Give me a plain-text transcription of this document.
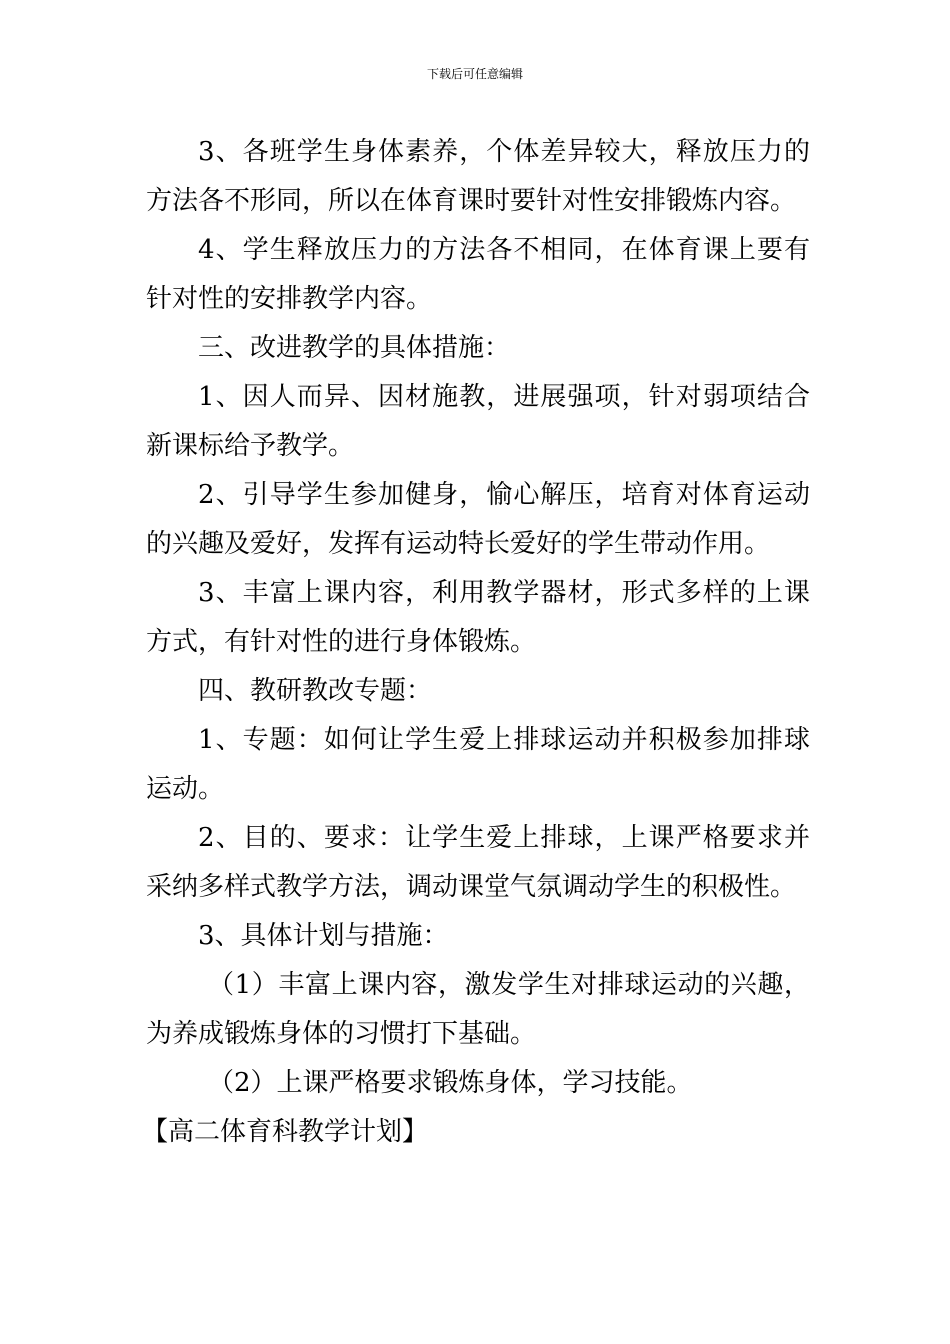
下载后可任意编辑

3、各班学生身体素养，个体差异较大，释放压力的方法各不形同，所以在体育课时要针对性安排锻炼内容。

4、学生释放压力的方法各不相同，在体育课上要有针对性的安排教学内容。

三、改进教学的具体措施：

1、因人而异、因材施教，进展强项，针对弱项结合新课标给予教学。

2、引导学生参加健身，愉心解压，培育对体育运动的兴趣及爱好，发挥有运动特长爱好的学生带动作用。

3、丰富上课内容，利用教学器材，形式多样的上课方式，有针对性的进行身体锻炼。

四、教研教改专题：

1、专题：如何让学生爱上排球运动并积极参加排球运动。

2、目的、要求：让学生爱上排球，上课严格要求并采纳多样式教学方法，调动课堂气氛调动学生的积极性。

3、具体计划与措施：

（1）丰富上课内容，激发学生对排球运动的兴趣，为养成锻炼身体的习惯打下基础。

（2）上课严格要求锻炼身体，学习技能。

【高二体育科教学计划】
